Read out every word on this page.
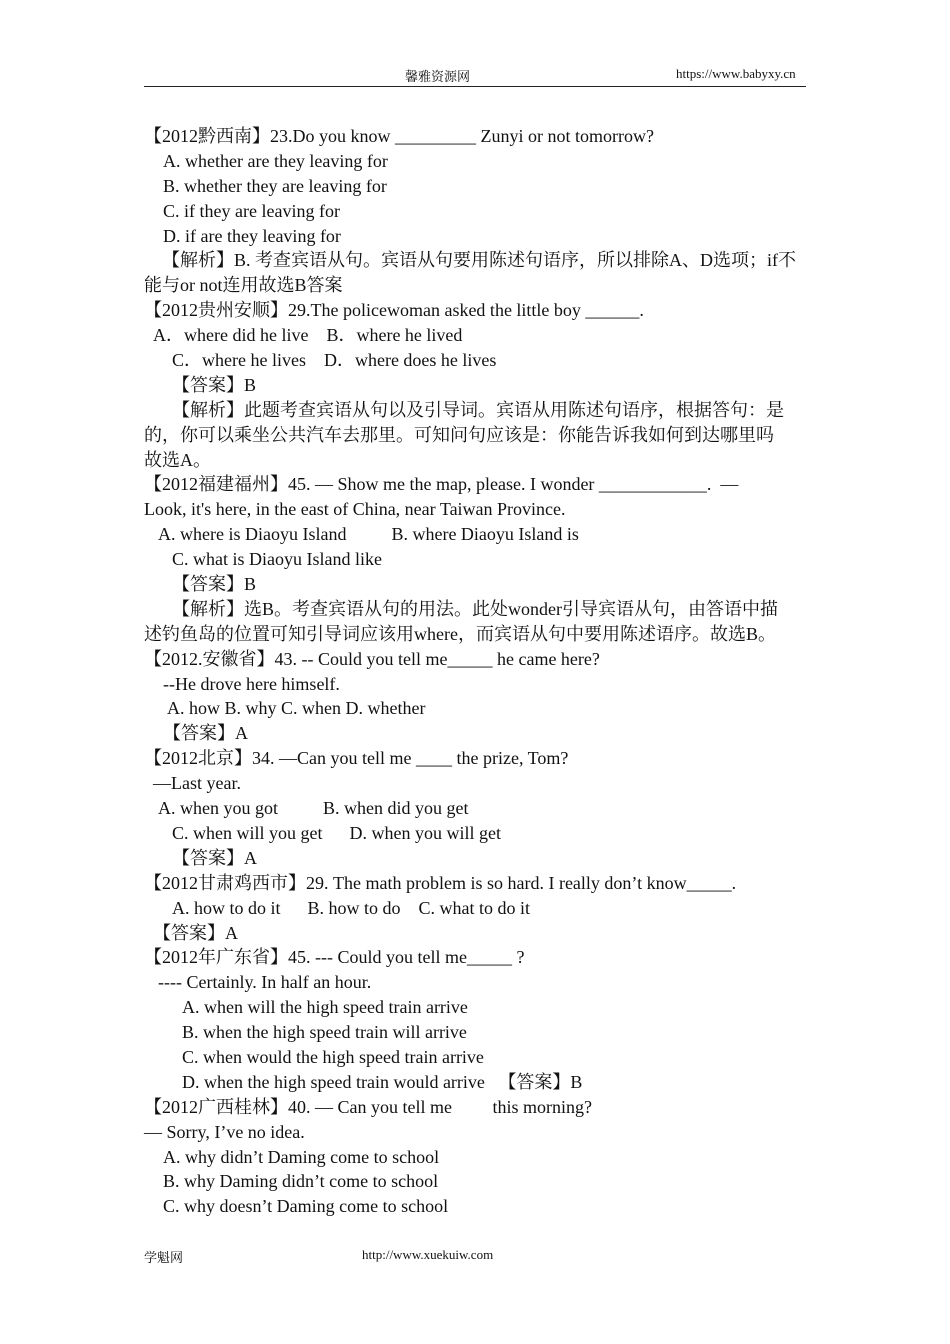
馨雅资源网	https://www.babyxy.cn
【2012黔西南】23.Do you know _________ Zunyi or not tomorrow?
A. whether are they leaving for
B. whether they are leaving for
C. if they are leaving for
D. if are they leaving for
【解析】B. 考查宾语从句。宾语从句要用陈述句语序，所以排除A、D选项；if不
能与or not连用故选B答案
【2012贵州安顺】29.The policewoman asked the little boy ______.
A．where did he live    B．where he lived
C．where he lives    D．where does he lives
【答案】B
【解析】此题考查宾语从句以及引导词。宾语从用陈述句语序，根据答句：是
的，你可以乘坐公共汽车去那里。可知问句应该是：你能告诉我如何到达哪里吗
故选A。
【2012福建福州】45. — Show me the map, please. I wonder ____________.  —
Look, it's here, in the east of China, near Taiwan Province.
A. where is Diaoyu Island          B. where Diaoyu Island is
C. what is Diaoyu Island like
【答案】B
【解析】选B。考查宾语从句的用法。此处wonder引导宾语从句，由答语中描
述钓鱼岛的位置可知引导词应该用where，而宾语从句中要用陈述语序。故选B。
【2012.安徽省】43. -- Could you tell me_____ he came here?
--He drove here himself.
A. how B. why C. when D. whether
【答案】A
【2012北京】34. —Can you tell me ____ the prize, Tom?
—Last year.
A. when you got          B. when did you get
C. when will you get      D. when you will get
【答案】A
【2012甘肃鸡西市】29. The math problem is so hard. I really don’t know_____.
A. how to do it      B. how to do    C. what to do it
【答案】A
【2012年广东省】45. --- Could you tell me_____ ?
---- Certainly. In half an hour.
A. when will the high speed train arrive
B. when the high speed train will arrive
C. when would the high speed train arrive
D. when the high speed train would arrive   【答案】B
【2012广西桂林】40. — Can you tell me         this morning?
— Sorry, I’ve no idea.
A. why didn’t Daming come to school
B. why Daming didn’t come to school
C. why doesn’t Daming come to school
学魁网	http://www.xuekuiw.com
